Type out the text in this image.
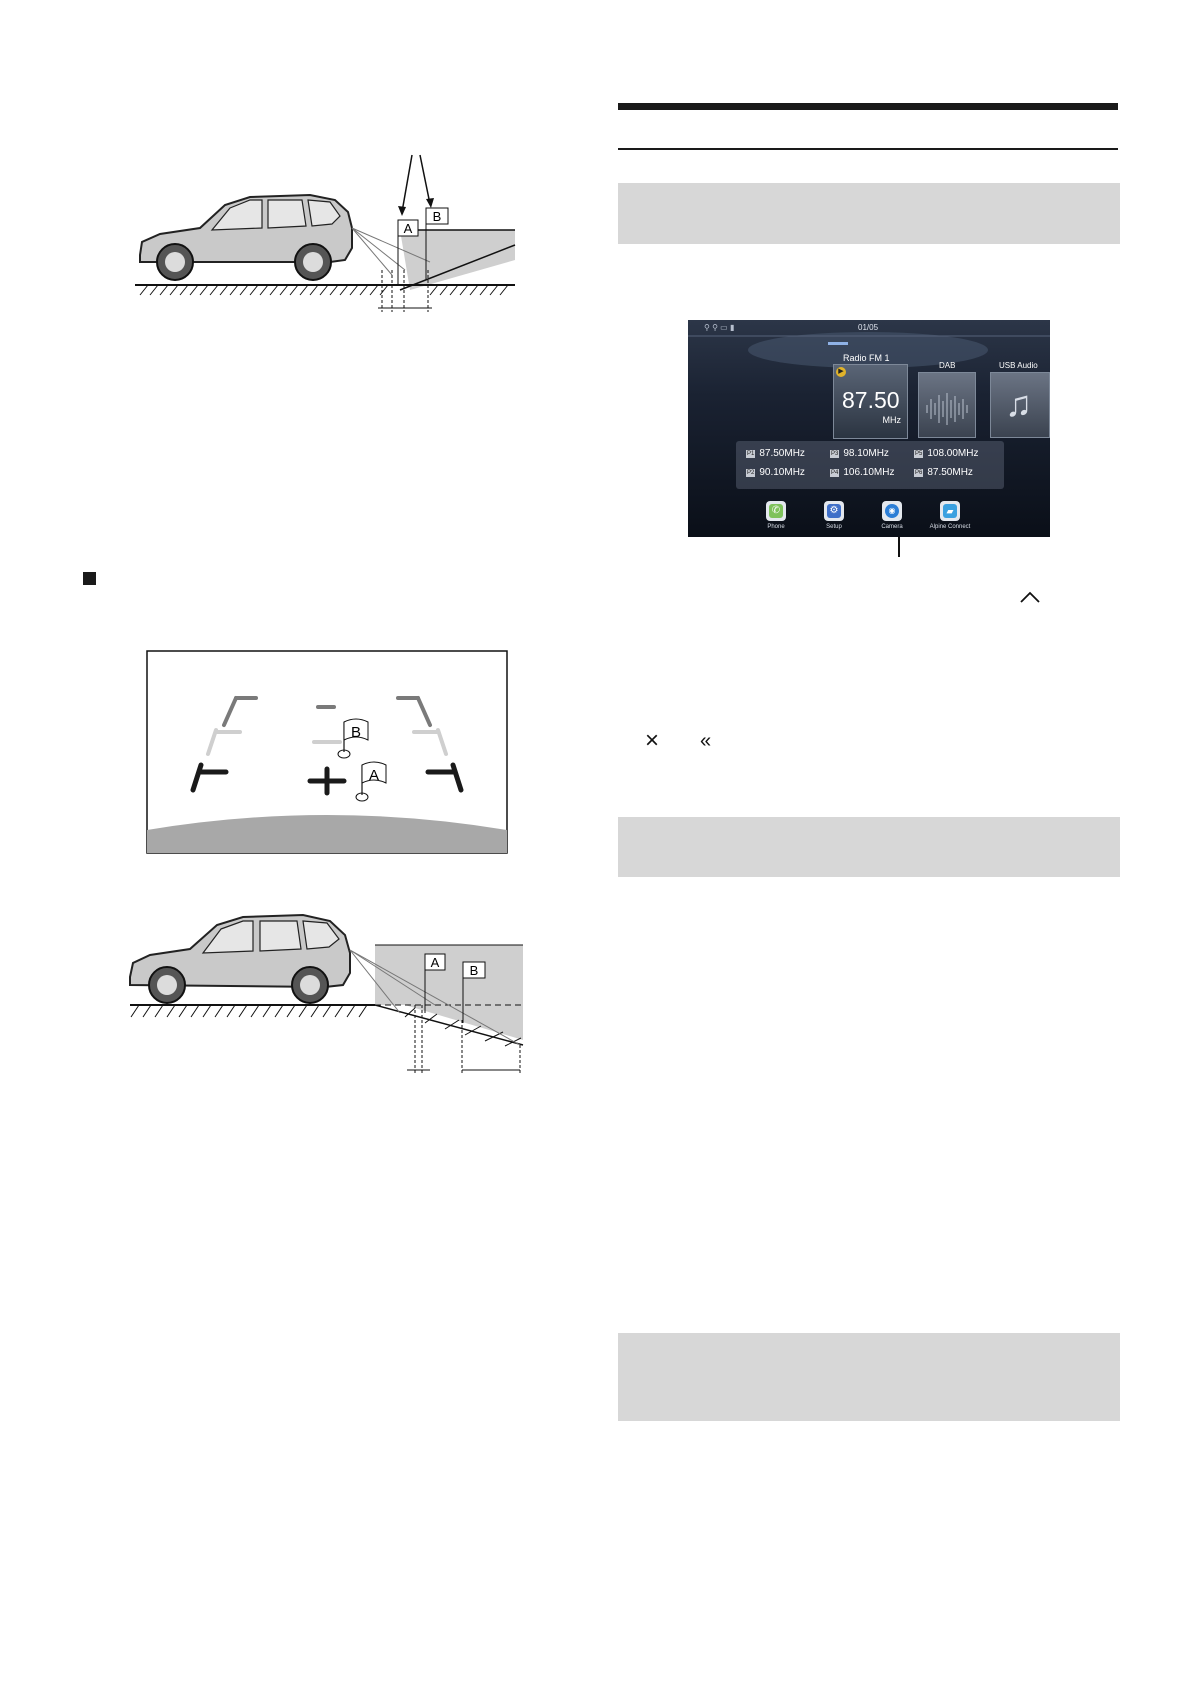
A
B
B
A
A
B
⚲ ⚲ ▭ ▮	01/05
▶
87.50
MHz
Radio FM 1
DAB
♫
USB Audio
P1 87.50MHz	P3 98.10MHz	P5 108.00MHz
P2 90.10MHz	P4 106.10MHz	P6 87.50MHz
✆
Phone
⚙
Setup
◉
Camera
▰
Alpine Connect
× «
